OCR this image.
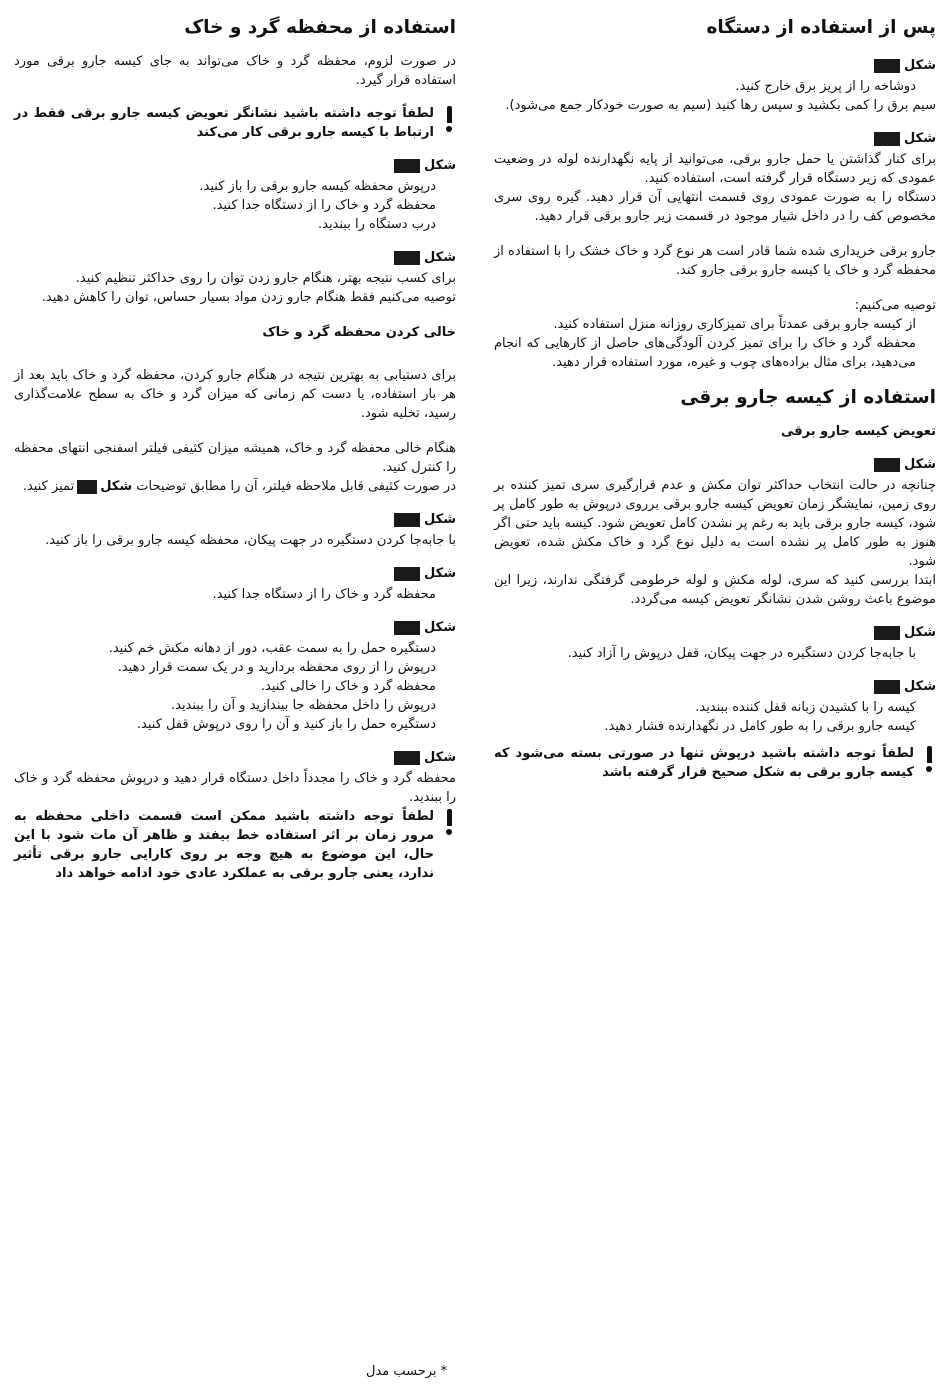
پس از استفاده از دستگاه
شکل

دوشاخه را از پریز برق خارج کنید.

سیم برق را کمی بکشید و سپس رها کنید (سیم به صورت خودکار جمع می‌شود).

شکل

برای کنار گذاشتن یا حمل جارو برقی، می‌توانید از پایه نگهدارنده لوله در وضعیت عمودی که زیر دستگاه قرار گرفته است، استفاده کنید.

دستگاه را به صورت عمودی روی قسمت انتهایی آن قرار دهید. گیره روی سری مخصوص کف را در داخل شیار موجود در قسمت زیر جارو برقی قرار دهید.

جارو برقی خریداری شده شما قادر است هر نوع گرد و خاک خشک را با استفاده از محفظه گرد و خاک یا کیسه جارو برقی جارو کند.

توصیه می‌کنیم:

از کیسه جارو برقی عمدتاً برای تمیزکاری روزانه منزل استفاده کنید.

محفظه گرد و خاک را برای تمیز کردن آلودگی‌های حاصل از کارهایی که انجام می‌دهید، برای مثال براده‌های چوب و غیره، مورد استفاده قرار دهید.

استفاده از کیسه جارو برقی
تعویض کیسه جارو برقی
شکل

چنانچه در حالت انتخاب حداکثر توان مکش و عدم قرارگیری سری تمیز کننده بر روی زمین، نمایشگر زمان تعویض کیسه جارو برقی برروی درپوش به طور کامل پر شود، کیسه جارو برقی باید به رغم پر نشدن کامل تعویض شود. کیسه باید حتی اگر هنوز به طور کامل پر نشده است به دلیل نوع گرد و خاک مکش شده، تعویض شود.

ابتدا بررسی کنید که سری، لوله مکش و لوله خرطومی گرفتگی ندارند، زیرا این موضوع باعث روشن شدن نشانگر تعویض کیسه می‌گردد.

شکل

با جابه‌جا کردن دستگیره در جهت پیکان، قفل درپوش را آزاد کنید.

شکل

کیسه را با کشیدن زبانه قفل کننده ببندید.

کیسه جارو برقی را به طور کامل در نگهدارنده فشار دهید.

لطفاً توجه داشته باشید درپوش تنها در صورتی بسته می‌شود که کیسه جارو برقی به شکل صحیح قرار گرفته باشد
استفاده از محفظه گرد و خاک

در صورت لزوم، محفظه گرد و خاک می‌تواند به جای کیسه جارو برقی مورد استفاده قرار گیرد.

لطفاً توجه داشته باشید نشانگر تعویض کیسه جارو برقی فقط در ارتباط با کیسه جارو برقی کار می‌کند
شکل

درپوش محفظه کیسه جارو برقی را باز کنید.

محفظه گرد و خاک را از دستگاه جدا کنید.

درب دستگاه را ببندید.

شکل

برای کسب نتیجه بهتر، هنگام جارو زدن توان را روی حداکثر تنظیم کنید.

توصیه می‌کنیم فقط هنگام جارو زدن مواد بسیار حساس، توان را کاهش دهید.

خالی کردن محفظه گرد و خاک

برای دستیابی به بهترین نتیجه در هنگام جارو کردن، محفظه گرد و خاک باید بعد از هر بار استفاده، یا دست کم زمانی که میزان گرد و خاک به سطح علامت‌گذاری رسید، تخلیه شود.

هنگام خالی محفظه گرد و خاک، همیشه میزان کثیفی فیلتر اسفنجی انتهای محفظه را کنترل کنید.

در صورت کثیفی قابل ملاحظه فیلتر، آن را مطابق توضیحات شکلتمیز کنید.

شکل

با جابه‌جا کردن دستگیره در جهت پیکان، محفظه کیسه جارو برقی را باز کنید.

شکل

محفظه گرد و خاک را از دستگاه جدا کنید.

شکل

دستگیره حمل را به سمت عقب، دور از دهانه مکش خم کنید.

درپوش را از روی محفظه بردارید و در یک سمت قرار دهید.

محفظه گرد و خاک را خالی کنید.

درپوش را داخل محفظه جا بیندازید و آن را ببندید.

دستگیره حمل را باز کنید و آن را روی درپوش قفل کنید.

شکل

محفظه گرد و خاک را مجدداً داخل دستگاه قرار دهید و درپوش محفظه گرد و خاک را ببندید.

لطفاً توجه داشته باشید ممکن است قسمت داخلی محفظه به مرور زمان بر اثر استفاده خط بیفتد و ظاهر آن مات شود با این حال، این موضوع به هیچ وجه بر روی کارایی جارو برقی تأثیر ندارد، یعنی جارو برقی به عملکرد عادی خود ادامه خواهد داد
* برحسب مدل
